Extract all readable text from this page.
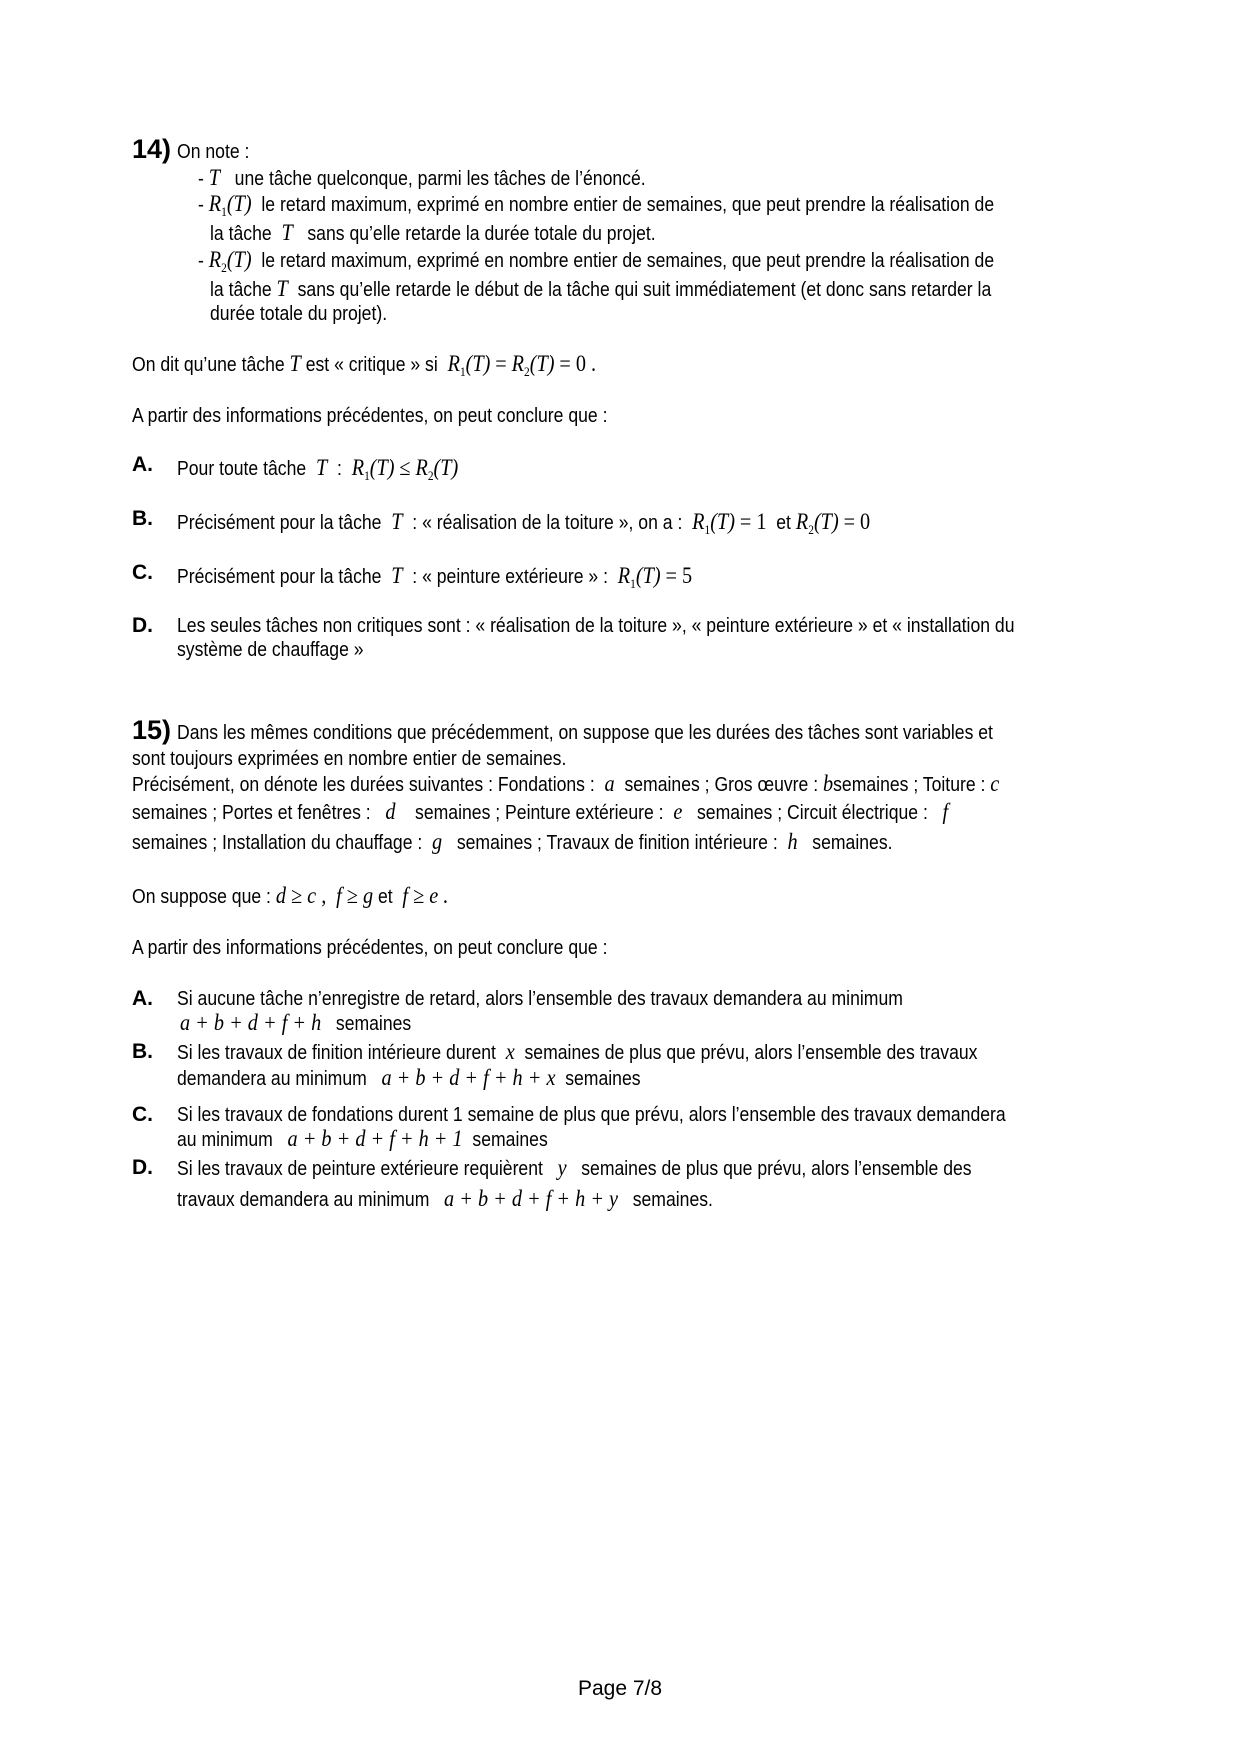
14) On note :
- T une tâche quelconque, parmi les tâches de l’énoncé.
- $R_1(T)$ le retard maximum, exprimé en nombre entier de semaines, que peut prendre la réalisation de
la tâche T sans qu’elle retarde la durée totale du projet.
- $R_2(T)$ le retard maximum, exprimé en nombre entier de semaines, que peut prendre la réalisation de
la tâche T sans qu’elle retarde le début de la tâche qui suit immédiatement (et donc sans retarder la
durée totale du projet).
On dit qu’une tâche T est « critique » si $R_1(T) = R_2(T) = 0$ .
A partir des informations précédentes, on peut conclure que :
A. Pour toute tâche T : $R_1(T) \le R_2(T)$
B. Précisément pour la tâche T : « réalisation de la toiture », on a : $R_1(T) = 1$ et $R_2(T) = 0$
C. Précisément pour la tâche T : « peinture extérieure » : $R_1(T) = 5$
D. Les seules tâches non critiques sont : « réalisation de la toiture », « peinture extérieure » et « installation du
système de chauffage »
15) Dans les mêmes conditions que précédemment, on suppose que les durées des tâches sont variables et
sont toujours exprimées en nombre entier de semaines.
Précisément, on dénote les durées suivantes : Fondations : a semaines ; Gros œuvre : bsemaines ; Toiture : c
semaines ; Portes et fenêtres : d semaines ; Peinture extérieure : e semaines ; Circuit électrique : f
semaines ; Installation du chauffage : g semaines ; Travaux de finition intérieure : h semaines.
On suppose que : d ≥ c , f ≥ g et f ≥ e .
A partir des informations précédentes, on peut conclure que :
A. Si aucune tâche n’enregistre de retard, alors l’ensemble des travaux demandera au minimum
a + b + d + f + h semaines
B. Si les travaux de finition intérieure durent x semaines de plus que prévu, alors l’ensemble des travaux
demandera au minimum a + b + d + f + h + x semaines
C. Si les travaux de fondations durent 1 semaine de plus que prévu, alors l’ensemble des travaux demandera
au minimum a + b + d + f + h + 1 semaines
D. Si les travaux de peinture extérieure requièrent y semaines de plus que prévu, alors l’ensemble des
travaux demandera au minimum a + b + d + f + h + y semaines.
Page 7/8
